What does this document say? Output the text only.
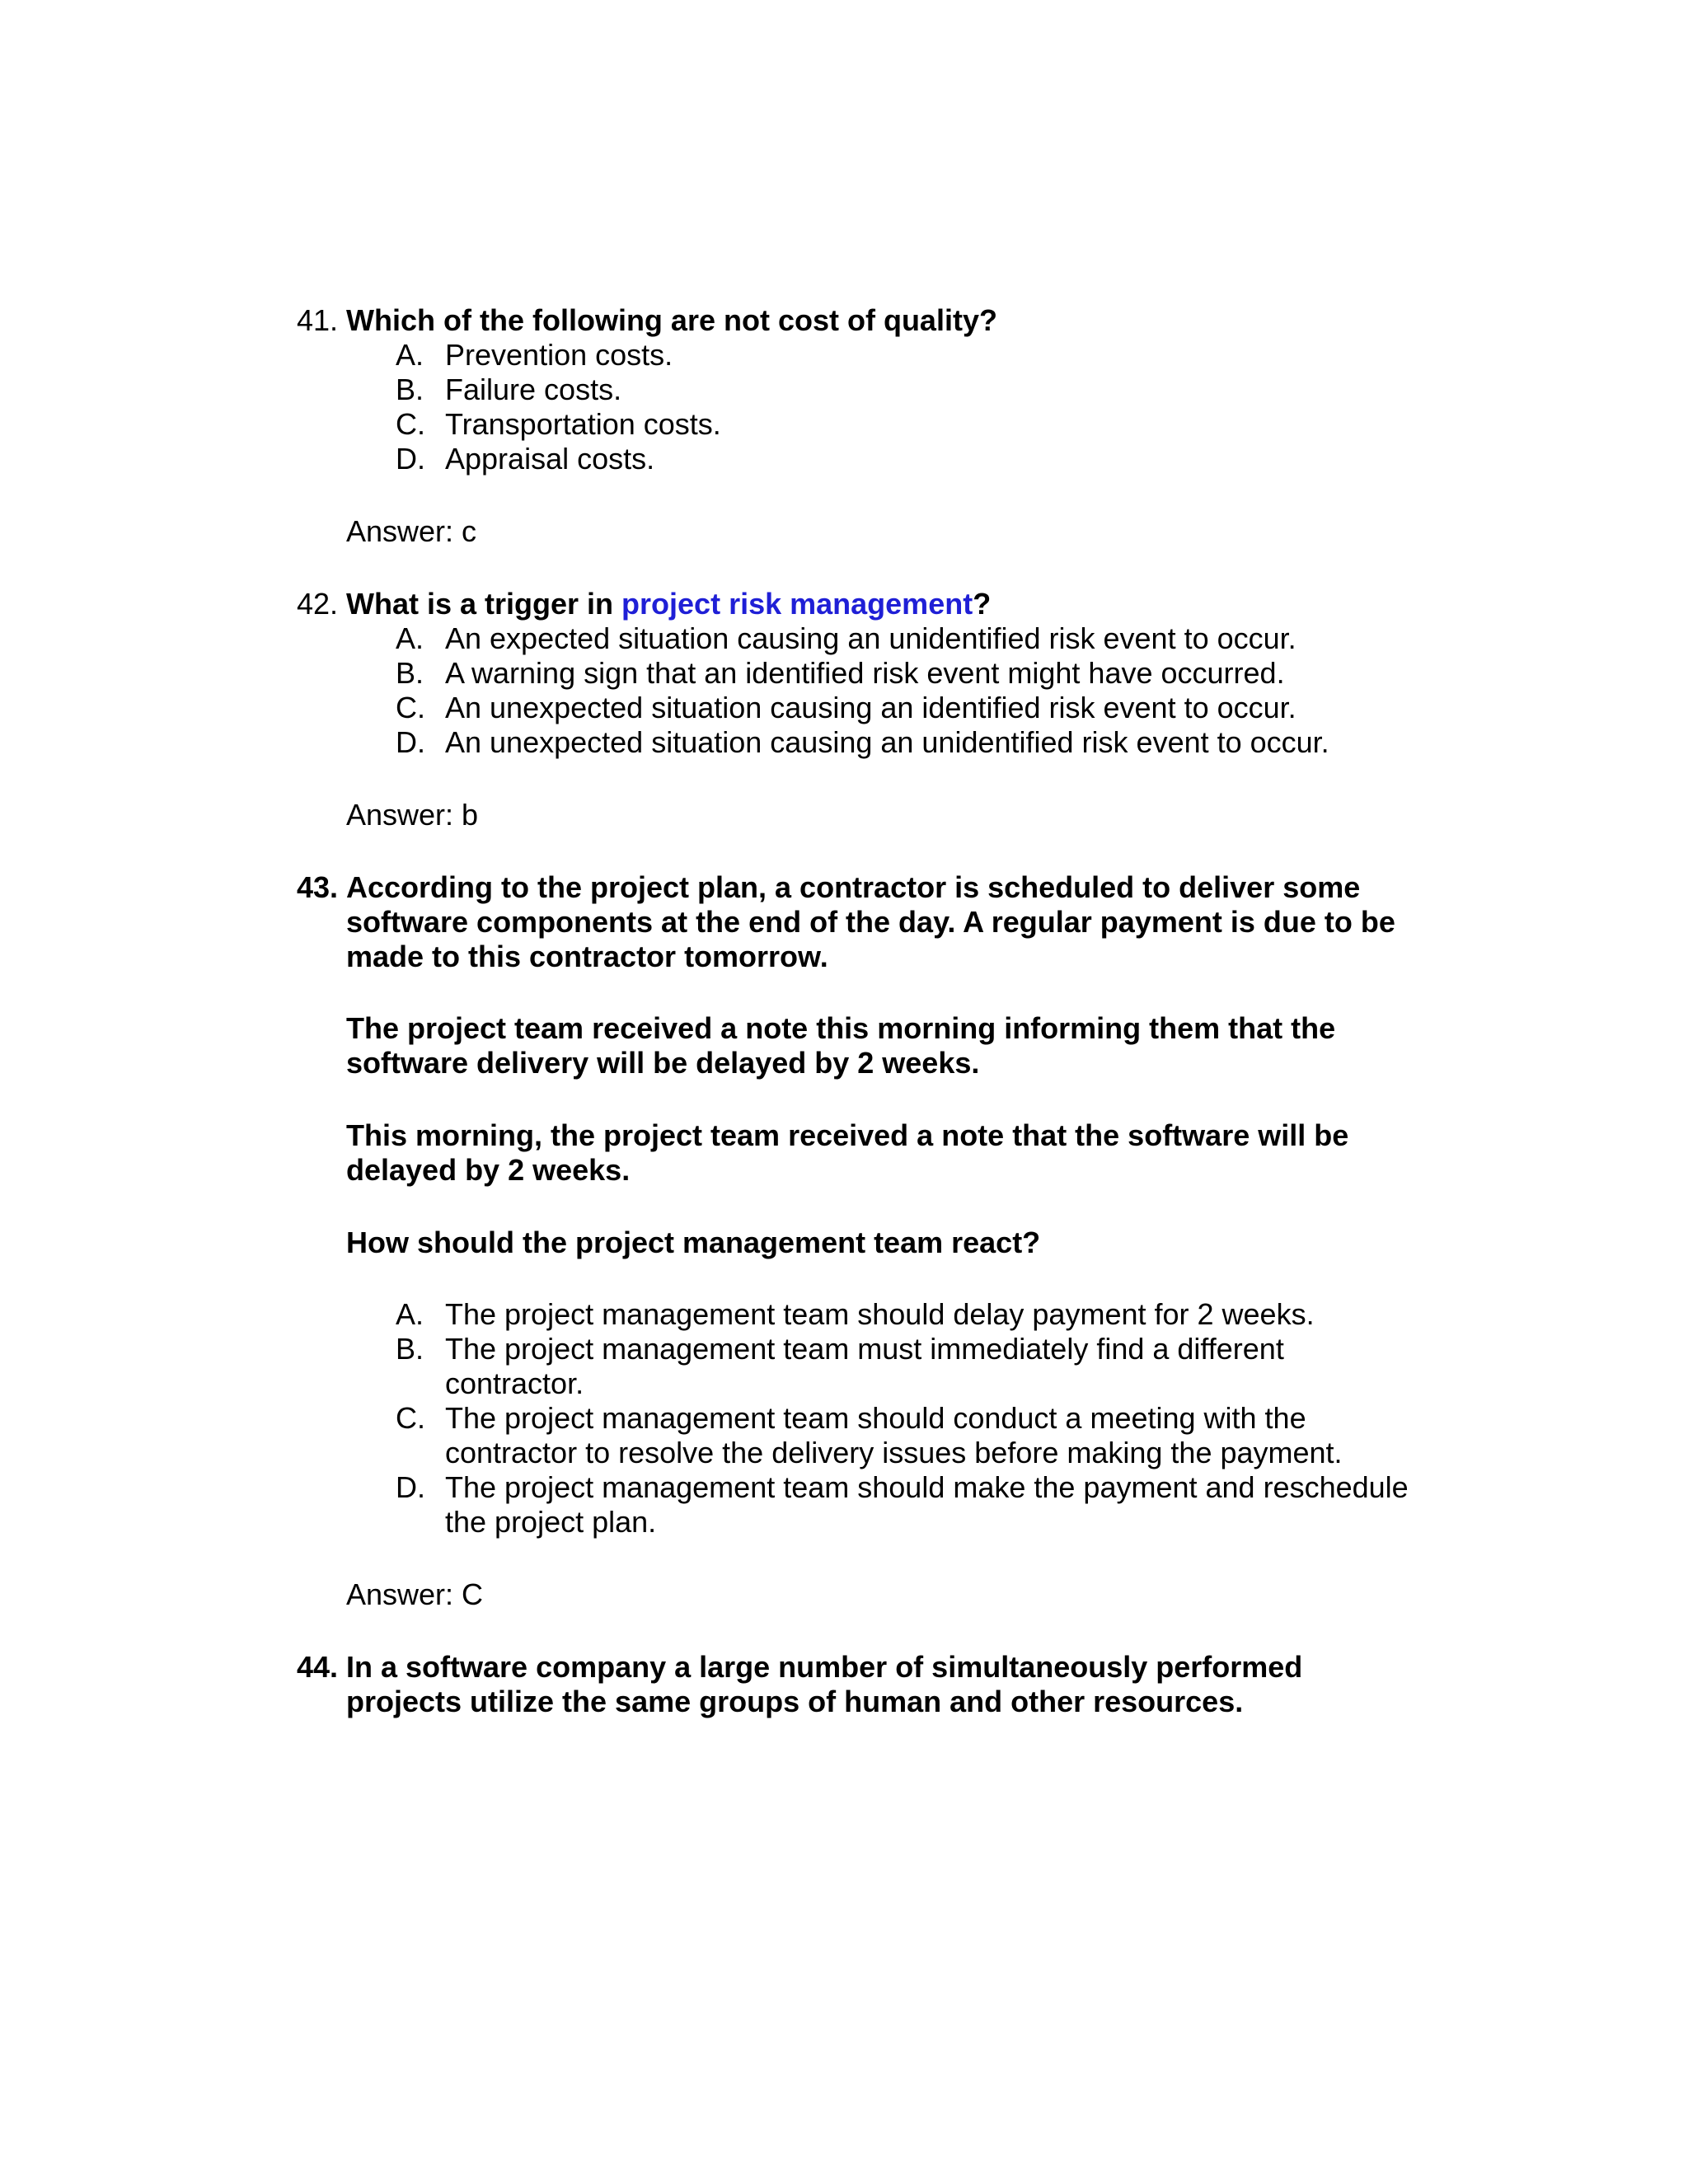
41. Which of the following are not cost of quality?
A. Prevention costs.
B. Failure costs.
C. Transportation costs.
D. Appraisal costs.
Answer: c
42. What is a trigger in project risk management?
A. An expected situation causing an unidentified risk event to occur.
B. A warning sign that an identified risk event might have occurred.
C. An unexpected situation causing an identified risk event to occur.
D. An unexpected situation causing an unidentified risk event to occur.
Answer: b
43. According to the project plan, a contractor is scheduled to deliver some
software components at the end of the day. A regular payment is due to be
made to this contractor tomorrow.
The project team received a note this morning informing them that the
software delivery will be delayed by 2 weeks.
This morning, the project team received a note that the software will be
delayed by 2 weeks.
How should the project management team react?
A. The project management team should delay payment for 2 weeks.
B. The project management team must immediately find a different
contractor.
C. The project management team should conduct a meeting with the
contractor to resolve the delivery issues before making the payment.
D. The project management team should make the payment and reschedule
the project plan.
Answer: C
44. In a software company a large number of simultaneously performed
projects utilize the same groups of human and other resources.
